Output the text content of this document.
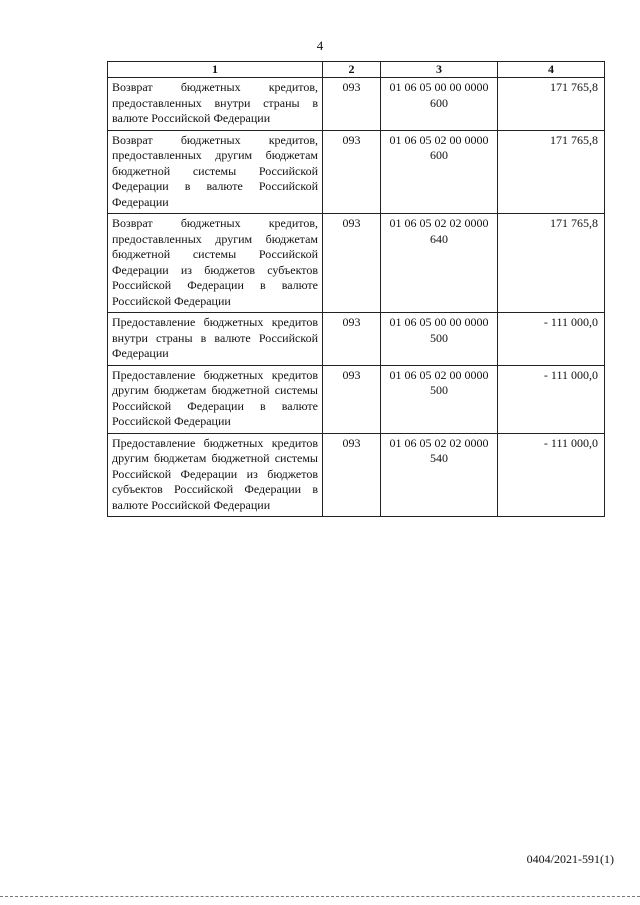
4
1	2	3	4
Возврат бюджетных кредитов, предоставленных внутри страны в валюте Российской Федерации	093	01 06 05 00 00 0000 600	171 765,8
Возврат бюджетных кредитов, предоставленных другим бюджетам бюджетной системы Российской Федерации в валюте Российской Федерации	093	01 06 05 02 00 0000 600	171 765,8
Возврат бюджетных кредитов, предоставленных другим бюджетам бюджетной системы Российской Федерации из бюджетов субъектов Российской Федерации в валюте Российской Федерации	093	01 06 05 02 02 0000 640	171 765,8
Предоставление бюджетных кредитов внутри страны в валюте Российской Федерации	093	01 06 05 00 00 0000 500	- 111 000,0
Предоставление бюджетных кредитов другим бюджетам бюджетной системы Российской Федерации в валюте Российской Федерации	093	01 06 05 02 00 0000 500	- 111 000,0
Предоставление бюджетных кредитов другим бюджетам бюджетной системы Российской Федерации из бюджетов субъектов Российской Федерации в валюте Российской Федерации	093	01 06 05 02 02 0000 540	- 111 000,0
0404/2021-591(1)
